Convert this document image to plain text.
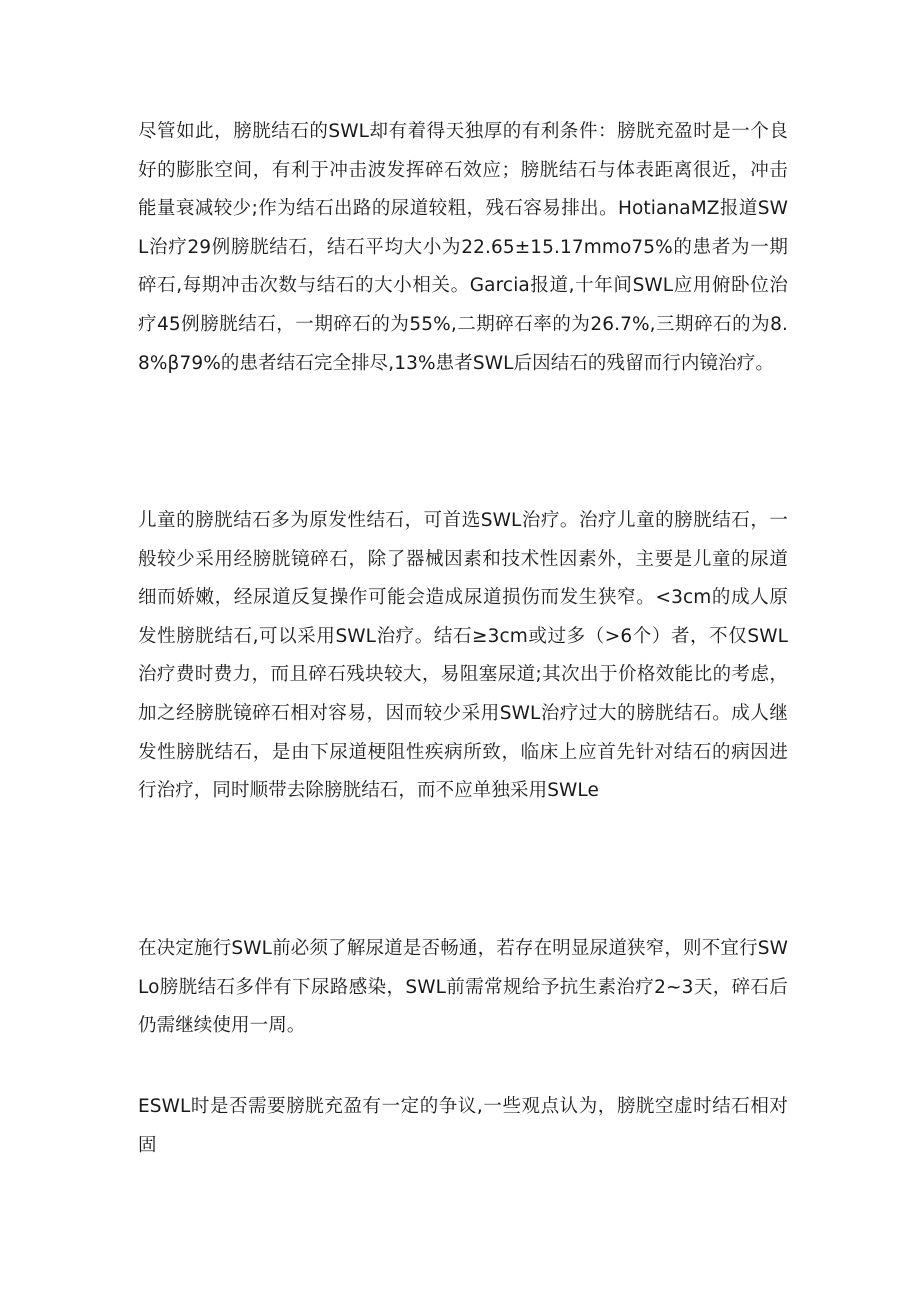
尽管如此，膀胱结石的SWL却有着得天独厚的有利条件：膀胱充盈时是一个良好的膨胀空间，有利于冲击波发挥碎石效应；膀胱结石与体表距离很近，冲击能量衰减较少;作为结石出路的尿道较粗，残石容易排出。HotianaMZ报道SWL治疗29例膀胱结石，结石平均大小为22.65±15.17mmo75%的患者为一期碎石,每期冲击次数与结石的大小相关。Garcia报道,十年间SWL应用俯卧位治疗45例膀胱结石，一期碎石的为55%,二期碎石率的为26.7%,三期碎石的为8.8%β79%的患者结石完全排尽,13%患者SWL后因结石的残留而行内镜治疗。

儿童的膀胱结石多为原发性结石，可首选SWL治疗。治疗儿童的膀胱结石，一般较少采用经膀胱镜碎石，除了器械因素和技术性因素外，主要是儿童的尿道细而娇嫩，经尿道反复操作可能会造成尿道损伤而发生狭窄。<3cm的成人原发性膀胱结石,可以采用SWL治疗。结石≥3cm或过多（>6个）者，不仅SWL治疗费时费力，而且碎石残块较大，易阻塞尿道;其次出于价格效能比的考虑，加之经膀胱镜碎石相对容易，因而较少采用SWL治疗过大的膀胱结石。成人继发性膀胱结石，是由下尿道梗阻性疾病所致，临床上应首先针对结石的病因进行治疗，同时顺带去除膀胱结石，而不应单独采用SWLe

在决定施行SWL前必须了解尿道是否畅通，若存在明显尿道狭窄，则不宜行SWLo膀胱结石多伴有下尿路感染，SWL前需常规给予抗生素治疗2~3天，碎石后仍需继续使用一周。

ESWL时是否需要膀胱充盈有一定的争议,一些观点认为，膀胱空虚时结石相对固
